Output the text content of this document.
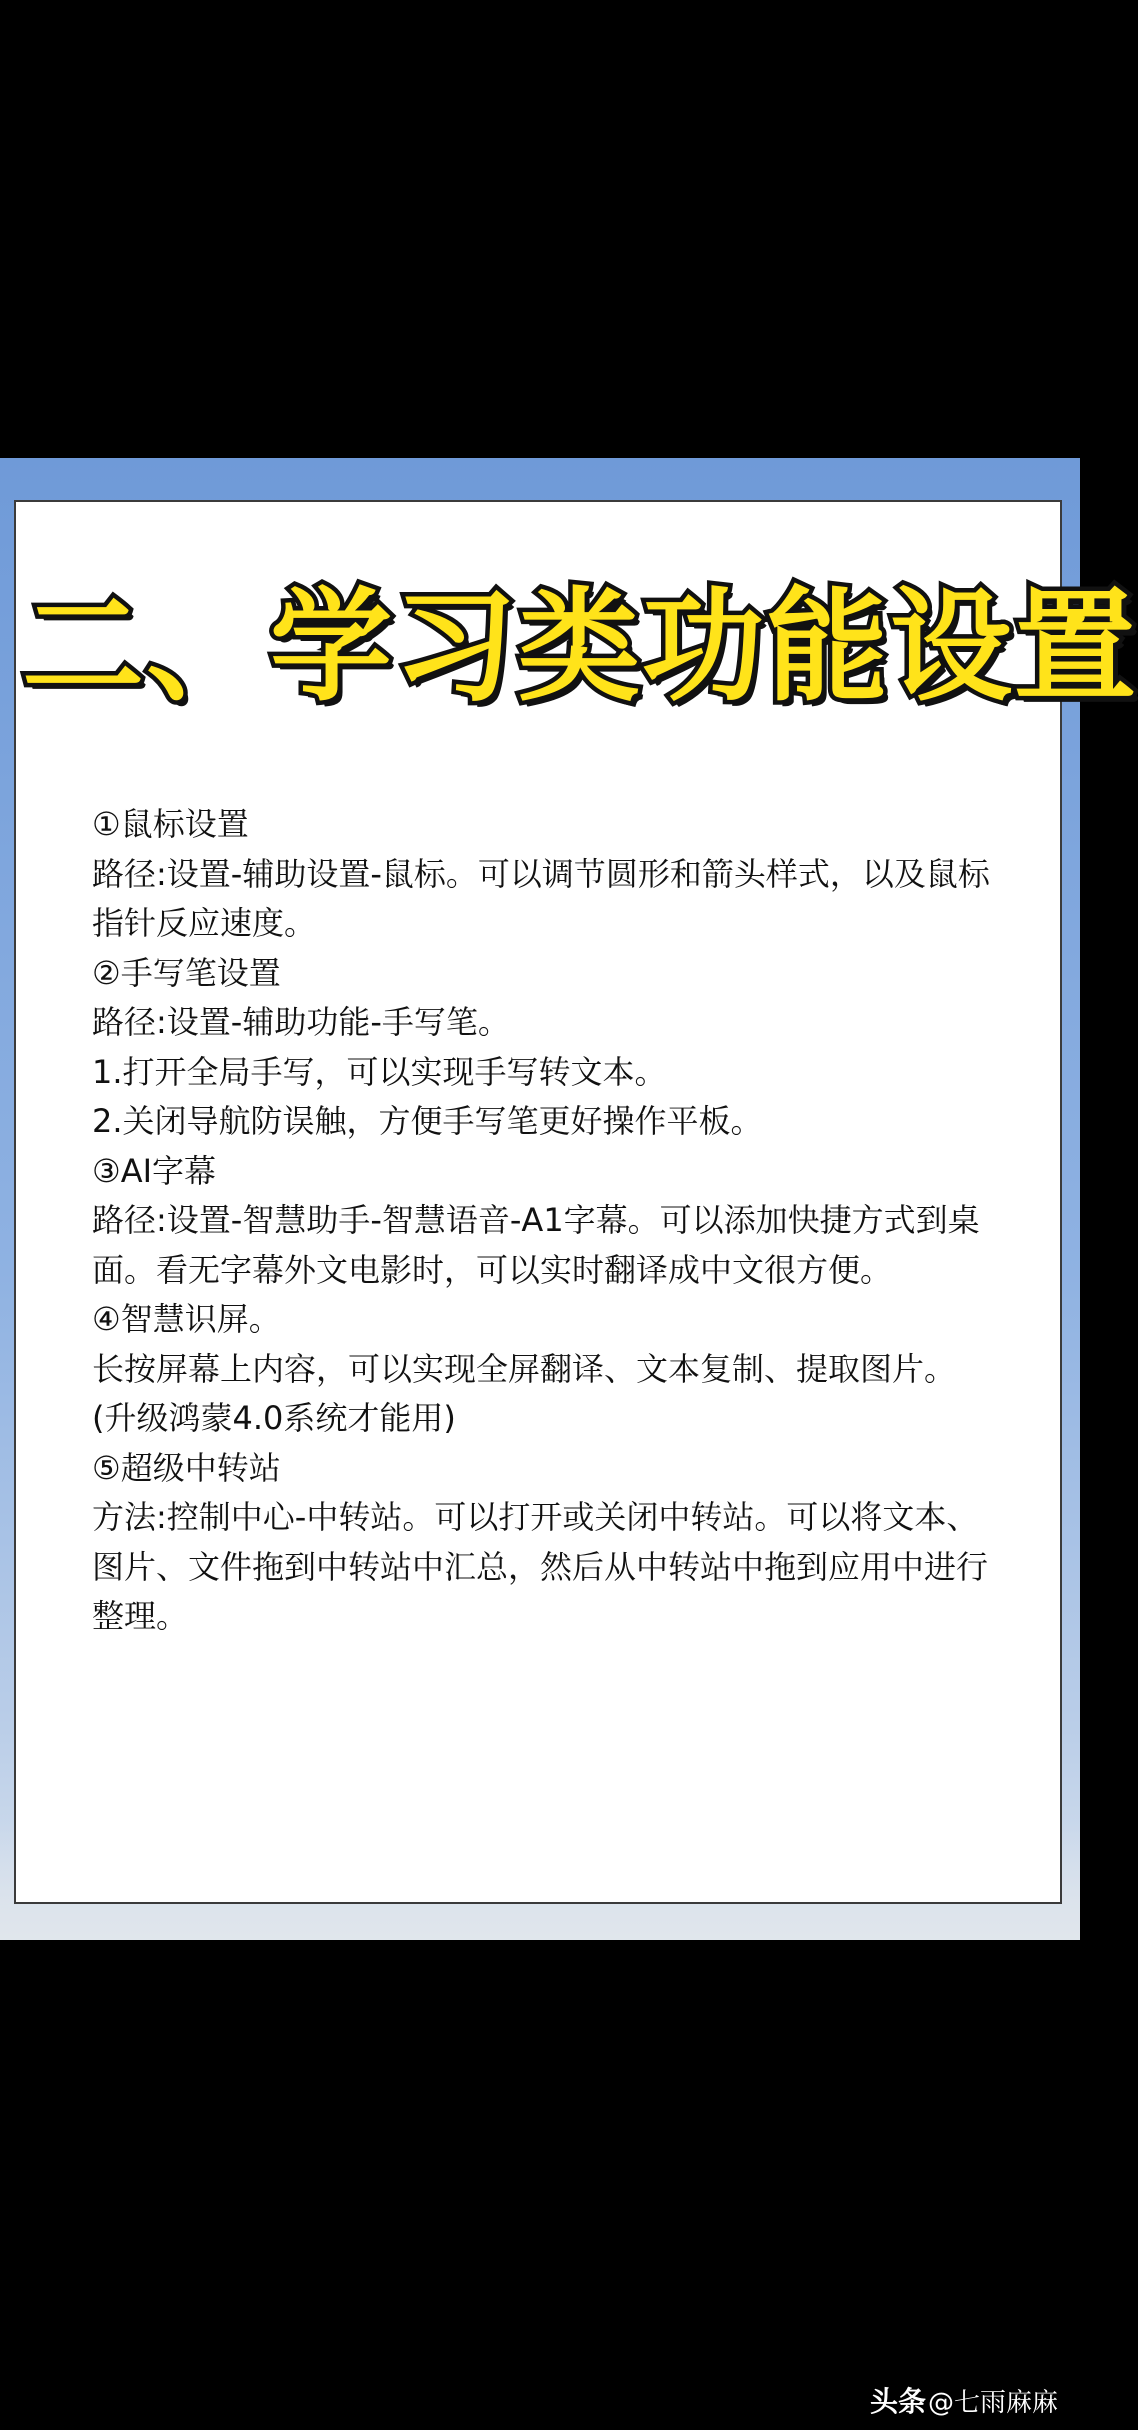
二、学习类功能设置

①鼠标设置

路径:设置-辅助设置-鼠标。可以调节圆形和箭头样式，以及鼠标指针反应速度。

②手写笔设置

路径:设置-辅助功能-手写笔。

1.打开全局手写，可以实现手写转文本。

2.关闭导航防误触，方便手写笔更好操作平板。

③AI字幕

路径:设置-智慧助手-智慧语音-A1字幕。可以添加快捷方式到桌面。看无字幕外文电影时，可以实时翻译成中文很方便。

④智慧识屏。

长按屏幕上内容，可以实现全屏翻译、文本复制、提取图片。(升级鸿蒙4.0系统才能用)

⑤超级中转站

方法:控制中心-中转站。可以打开或关闭中转站。可以将文本、图片、文件拖到中转站中汇总，然后从中转站中拖到应用中进行整理。

头条 @七雨麻麻
